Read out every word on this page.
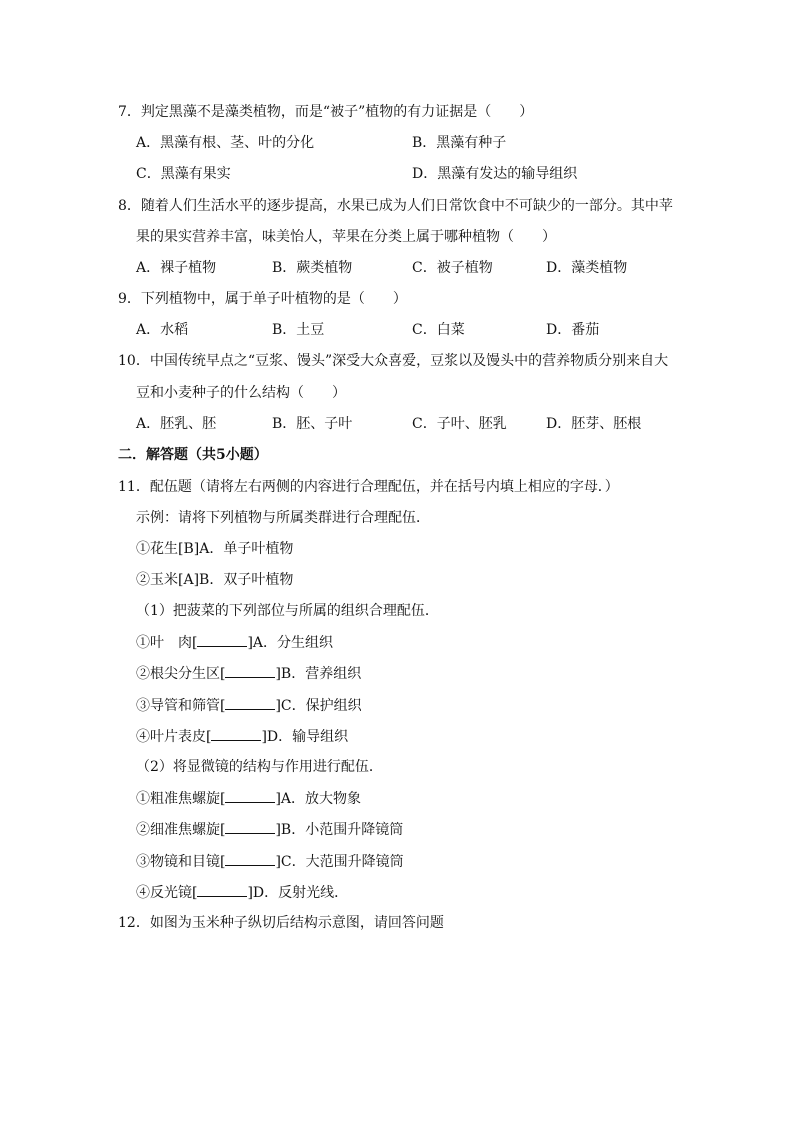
7．判定黑藻不是藻类植物，而是“被子”植物的有力证据是（　　）
A．黑藻有根、茎、叶的分化	B．黑藻有种子
C．黑藻有果实	D．黑藻有发达的输导组织
8．随着人们生活水平的逐步提高，水果已成为人们日常饮食中不可缺少的一部分。其中苹
果的果实营养丰富，味美怡人，苹果在分类上属于哪种植物（　　）
A．裸子植物	B．蕨类植物	C．被子植物	D．藻类植物
9．下列植物中，属于单子叶植物的是（　　）
A．水稻	B．土豆	C．白菜	D．番茄
10．中国传统早点之“豆浆、馒头”深受大众喜爱，豆浆以及馒头中的营养物质分别来自大
豆和小麦种子的什么结构（　　）
A．胚乳、胚	B．胚、子叶	C．子叶、胚乳	D．胚芽、胚根
二．解答题（共5小题）
11．配伍题（请将左右两侧的内容进行合理配伍，并在括号内填上相应的字母．）
示例：请将下列植物与所属类群进行合理配伍．
①花生[B]A．单子叶植物
②玉米[A]B．双子叶植物
（1）把菠菜的下列部位与所属的组织合理配伍．
①叶　肉[	]A．分生组织
②根尖分生区[	]B．营养组织
③导管和筛管[	]C．保护组织
④叶片表皮[	]D．输导组织
（2）将显微镜的结构与作用进行配伍．
①粗准焦螺旋[	]A．放大物象
②细准焦螺旋[	]B．小范围升降镜筒
③物镜和目镜[	]C．大范围升降镜筒
④反光镜[	]D．反射光线．
12．如图为玉米种子纵切后结构示意图，请回答问题
